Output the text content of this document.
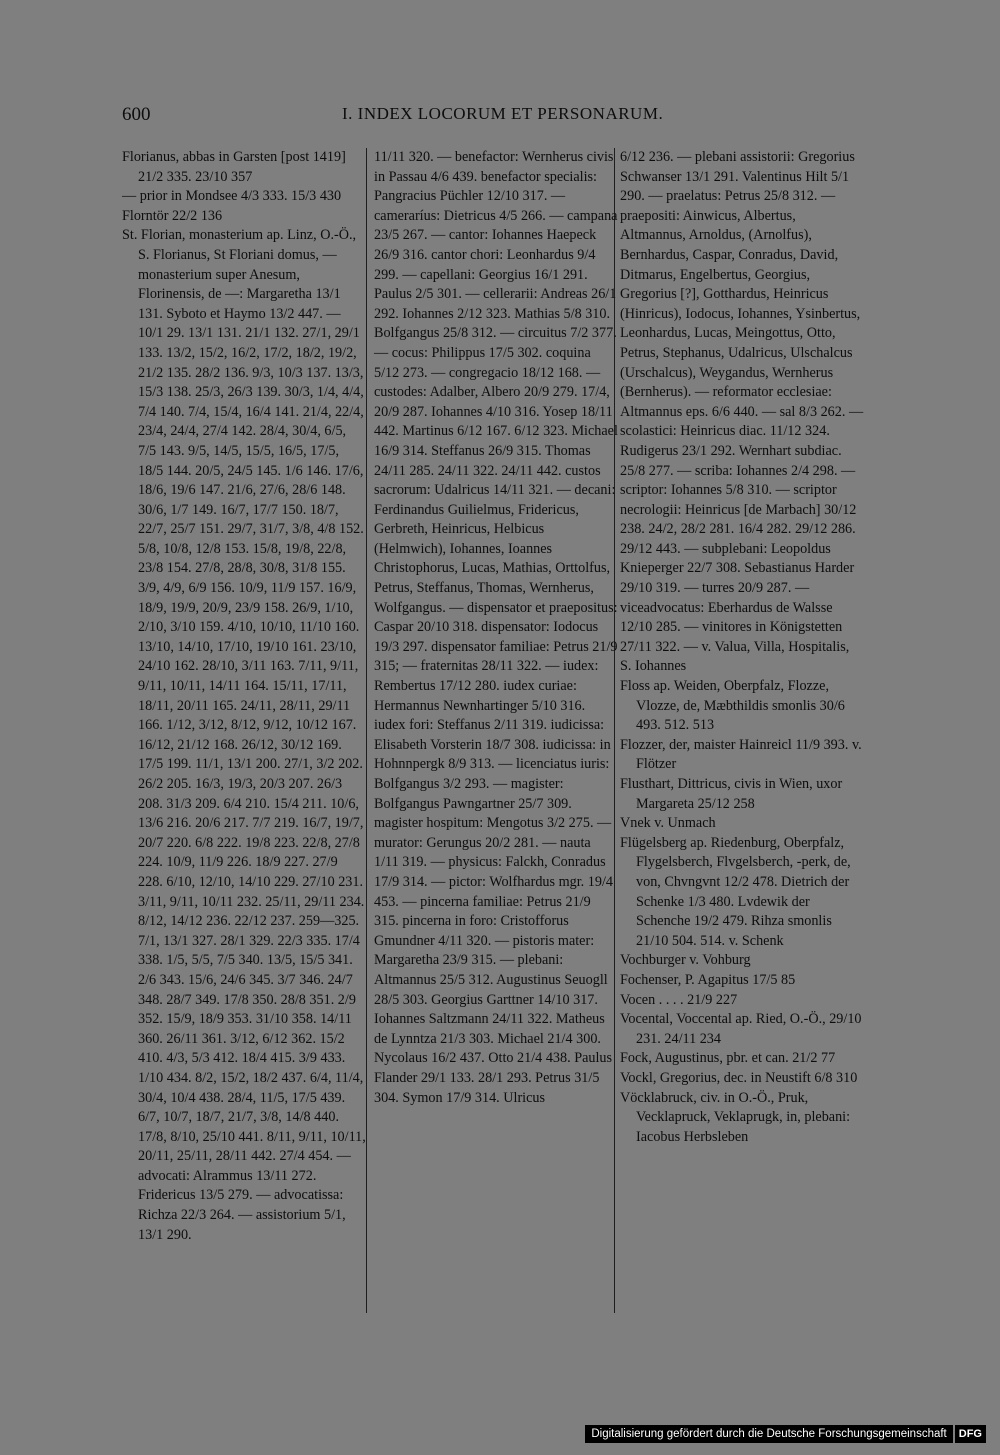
600	I. INDEX LOCORUM ET PERSONARUM.

Florianus, abbas in Garsten [post 1419] 21/2 335. 23/10 357

— prior in Mondsee 4/3 333. 15/3 430

Florntör 22/2 136

St. Florian, monasterium ap. Linz, O.-Ö., S. Florianus, St Floriani domus, — monasterium super Anesum, Florinensis, de —: Margaretha 13/1 131. Syboto et Haymo 13/2 447. — 10/1 29. 13/1 131. 21/1 132. 27/1, 29/1 133. 13/2, 15/2, 16/2, 17/2, 18/2, 19/2, 21/2 135. 28/2 136. 9/3, 10/3 137. 13/3, 15/3 138. 25/3, 26/3 139. 30/3, 1/4, 4/4, 7/4 140. 7/4, 15/4, 16/4 141. 21/4, 22/4, 23/4, 24/4, 27/4 142. 28/4, 30/4, 6/5, 7/5 143. 9/5, 14/5, 15/5, 16/5, 17/5, 18/5 144. 20/5, 24/5 145. 1/6 146. 17/6, 18/6, 19/6 147. 21/6, 27/6, 28/6 148. 30/6, 1/7 149. 16/7, 17/7 150. 18/7, 22/7, 25/7 151. 29/7, 31/7, 3/8, 4/8 152. 5/8, 10/8, 12/8 153. 15/8, 19/8, 22/8, 23/8 154. 27/8, 28/8, 30/8, 31/8 155. 3/9, 4/9, 6/9 156. 10/9, 11/9 157. 16/9, 18/9, 19/9, 20/9, 23/9 158. 26/9, 1/10, 2/10, 3/10 159. 4/10, 10/10, 11/10 160. 13/10, 14/10, 17/10, 19/10 161. 23/10, 24/10 162. 28/10, 3/11 163. 7/11, 9/11, 9/11, 10/11, 14/11 164. 15/11, 17/11, 18/11, 20/11 165. 24/11, 28/11, 29/11 166. 1/12, 3/12, 8/12, 9/12, 10/12 167. 16/12, 21/12 168. 26/12, 30/12 169. 17/5 199. 11/1, 13/1 200. 27/1, 3/2 202. 26/2 205. 16/3, 19/3, 20/3 207. 26/3 208. 31/3 209. 6/4 210. 15/4 211. 10/6, 13/6 216. 20/6 217. 7/7 219. 16/7, 19/7, 20/7 220. 6/8 222. 19/8 223. 22/8, 27/8 224. 10/9, 11/9 226. 18/9 227. 27/9 228. 6/10, 12/10, 14/10 229. 27/10 231. 3/11, 9/11, 10/11 232. 25/11, 29/11 234. 8/12, 14/12 236. 22/12 237. 259—325. 7/1, 13/1 327. 28/1 329. 22/3 335. 17/4 338. 1/5, 5/5, 7/5 340. 13/5, 15/5 341. 2/6 343. 15/6, 24/6 345. 3/7 346. 24/7 348. 28/7 349. 17/8 350. 28/8 351. 2/9 352. 15/9, 18/9 353. 31/10 358. 14/11 360. 26/11 361. 3/12, 6/12 362. 15/2 410. 4/3, 5/3 412. 18/4 415. 3/9 433. 1/10 434. 8/2, 15/2, 18/2 437. 6/4, 11/4, 30/4, 10/4 438. 28/4, 11/5, 17/5 439. 6/7, 10/7, 18/7, 21/7, 3/8, 14/8 440. 17/8, 8/10, 25/10 441. 8/11, 9/11, 10/11, 20/11, 25/11, 28/11 442. 27/4 454. — advocati: Alrammus 13/11 272. Fridericus 13/5 279. — advocatissa: Richza 22/3 264. — assistorium 5/1, 13/1 290.

11/11 320. — benefactor: Wernherus civis in Passau 4/6 439. benefactor specialis: Pangracius Püchler 12/10 317. — cameraríus: Dietricus 4/5 266. — campana 23/5 267. — cantor: Iohannes Haepeck 26/9 316. cantor chori: Leonhardus 9/4 299. — capellani: Georgius 16/1 291. Paulus 2/5 301. — cellerarii: Andreas 26/1 292. Iohannes 2/12 323. Mathias 5/8 310. Bolfgangus 25/8 312. — circuitus 7/2 377. — cocus: Philippus 17/5 302. coquina 5/12 273. — congregacio 18/12 168. — custodes: Adalber, Albero 20/9 279. 17/4, 20/9 287. Iohannes 4/10 316. Yosep 18/11 442. Martinus 6/12 167. 6/12 323. Michael 16/9 314. Steffanus 26/9 315. Thomas 24/11 285. 24/11 322. 24/11 442. custos sacrorum: Udalricus 14/11 321. — decani: Ferdinandus Guilielmus, Fridericus, Gerbreth, Heinricus, Helbicus (Helmwich), Iohannes, Ioannes Christophorus, Lucas, Mathias, Orttolfus, Petrus, Steffanus, Thomas, Wernherus, Wolfgangus. — dispensator et praepositus: Caspar 20/10 318. dispensator: Iodocus 19/3 297. dispensator familiae: Petrus 21/9 315; — fraternitas 28/11 322. — iudex: Rembertus 17/12 280. iudex curiae: Hermannus Newnhartinger 5/10 316. iudex fori: Steffanus 2/11 319. iudicissa: Elisabeth Vorsterin 18/7 308. iudicissa: in Hohnnpergk 8/9 313. — licenciatus iuris: Bolfgangus 3/2 293. — magister: Bolfgangus Pawngartner 25/7 309. magister hospitum: Mengotus 3/2 275. — murator: Gerungus 20/2 281. — nauta 1/11 319. — physicus: Falckh, Conradus 17/9 314. — pictor: Wolfhardus mgr. 19/4 453. — pincerna familiae: Petrus 21/9 315. pincerna in foro: Cristofforus Gmundner 4/11 320. — pistoris mater: Margaretha 23/9 315. — plebani: Altmannus 25/5 312. Augustinus Seuogll 28/5 303. Georgius Garttner 14/10 317. Iohannes Saltzmann 24/11 322. Matheus de Lynntza 21/3 303. Michael 21/4 300. Nycolaus 16/2 437. Otto 21/4 438. Paulus Flander 29/1 133. 28/1 293. Petrus 31/5 304. Symon 17/9 314. Ulricus

6/12 236. — plebani assistorii: Gregorius Schwanser 13/1 291. Valentinus Hilt 5/1 290. — praelatus: Petrus 25/8 312. — praepositi: Ainwicus, Albertus, Altmannus, Arnoldus, (Arnolfus), Bernhardus, Caspar, Conradus, David, Ditmarus, Engelbertus, Georgius, Gregorius [?], Gotthardus, Heinricus (Hinricus), Iodocus, Iohannes, Ysinbertus, Leonhardus, Lucas, Meingottus, Otto, Petrus, Stephanus, Udalricus, Ulschalcus (Urschalcus), Weygandus, Wernherus (Bernherus). — reformator ecclesiae: Altmannus eps. 6/6 440. — sal 8/3 262. — scolastici: Heinricus diac. 11/12 324. Rudigerus 23/1 292. Wernhart subdiac. 25/8 277. — scriba: Iohannes 2/4 298. — scriptor: Iohannes 5/8 310. — scriptor necrologii: Heinricus [de Marbach] 30/12 238. 24/2, 28/2 281. 16/4 282. 29/12 286. 29/12 443. — subplebani: Leopoldus Knieperger 22/7 308. Sebastianus Harder 29/10 319. — turres 20/9 287. — viceadvocatus: Eberhardus de Walsse 12/10 285. — vinitores in Königstetten 27/11 322. — v. Valua, Villa, Hospitalis, S. Iohannes

Floss ap. Weiden, Oberpfalz, Flozze, Vlozze, de, Mæbthildis smonlis 30/6 493. 512. 513

Flozzer, der, maister Hainreicl 11/9 393. v. Flötzer

Flusthart, Dittricus, civis in Wien, uxor Margareta 25/12 258

Vnek v. Unmach

Flügelsberg ap. Riedenburg, Oberpfalz, Flygelsberch, Flvgelsberch, -perk, de, von, Chvngvnt 12/2 478. Dietrich der Schenke 1/3 480. Lvdewik der Schenche 19/2 479. Rihza smonlis 21/10 504. 514. v. Schenk

Vochburger v. Vohburg

Fochenser, P. Agapitus 17/5 85

Vocen . . . . 21/9 227

Vocental, Voccental ap. Ried, O.-Ö., 29/10 231. 24/11 234

Fock, Augustinus, pbr. et can. 21/2 77

Vockl, Gregorius, dec. in Neustift 6/8 310

Vöcklabruck, civ. in O.-Ö., Pruk, Vecklapruck, Veklaprugk, in, plebani: Iacobus Herbsleben

Digitalisierung gefördert durch die Deutsche Forschungsgemeinschaft DFG
